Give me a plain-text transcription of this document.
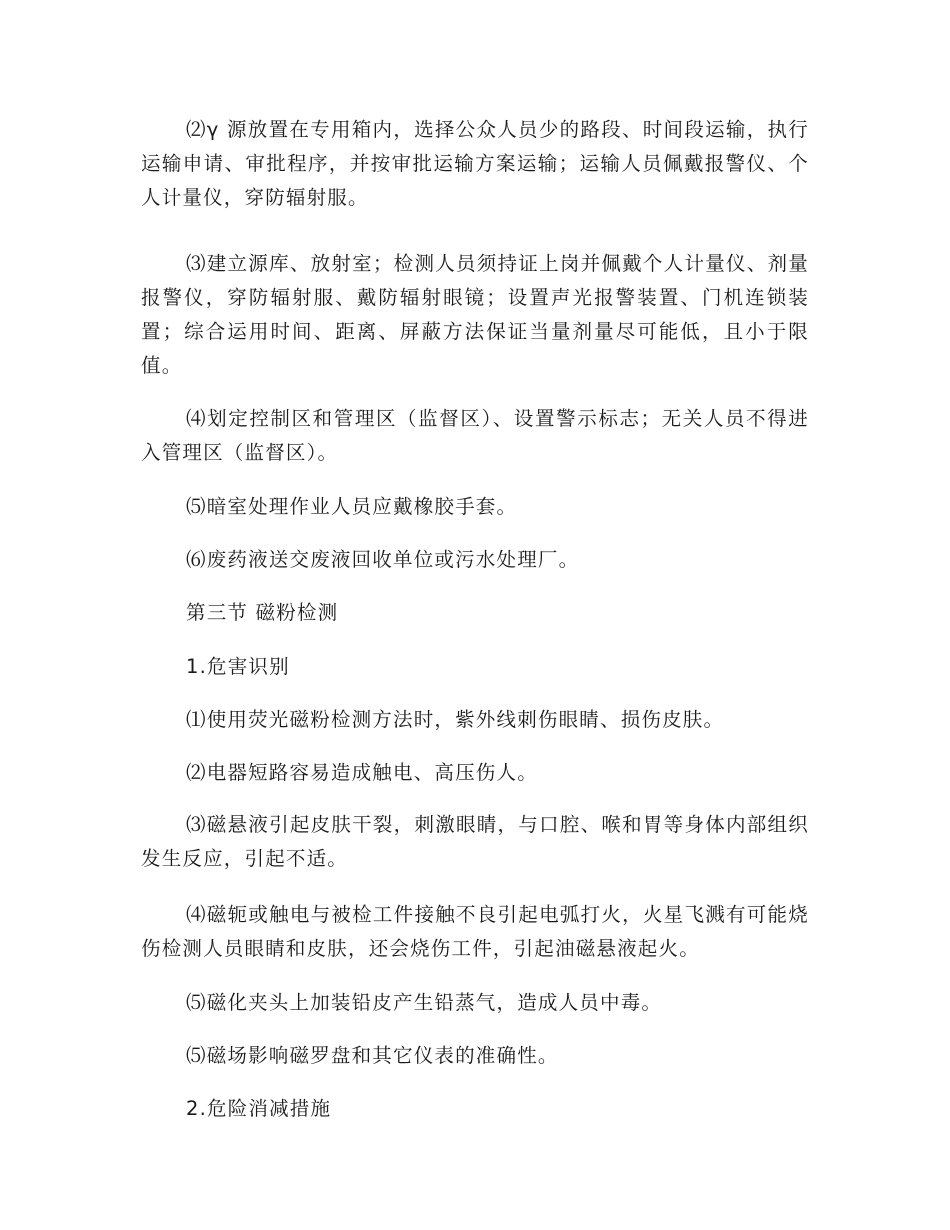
⑵γ 源放置在专用箱内，选择公众人员少的路段、时间段运输，执行运输申请、审批程序，并按审批运输方案运输；运输人员佩戴报警仪、个人计量仪，穿防辐射服。

⑶建立源库、放射室；检测人员须持证上岗并佩戴个人计量仪、剂量报警仪，穿防辐射服、戴防辐射眼镜；设置声光报警装置、门机连锁装置；综合运用时间、距离、屏蔽方法保证当量剂量尽可能低，且小于限值。

⑷划定控制区和管理区（监督区）、设置警示标志；无关人员不得进入管理区（监督区）。

⑸暗室处理作业人员应戴橡胶手套。

⑹废药液送交废液回收单位或污水处理厂。

第三节 磁粉检测

1.危害识别

⑴使用荧光磁粉检测方法时，紫外线刺伤眼睛、损伤皮肤。

⑵电器短路容易造成触电、高压伤人。

⑶磁悬液引起皮肤干裂，刺激眼睛，与口腔、喉和胃等身体内部组织发生反应，引起不适。

⑷磁轭或触电与被检工件接触不良引起电弧打火，火星飞溅有可能烧伤检测人员眼睛和皮肤，还会烧伤工件，引起油磁悬液起火。

⑸磁化夹头上加装铅皮产生铅蒸气，造成人员中毒。

⑸磁场影响磁罗盘和其它仪表的准确性。

2.危险消减措施
